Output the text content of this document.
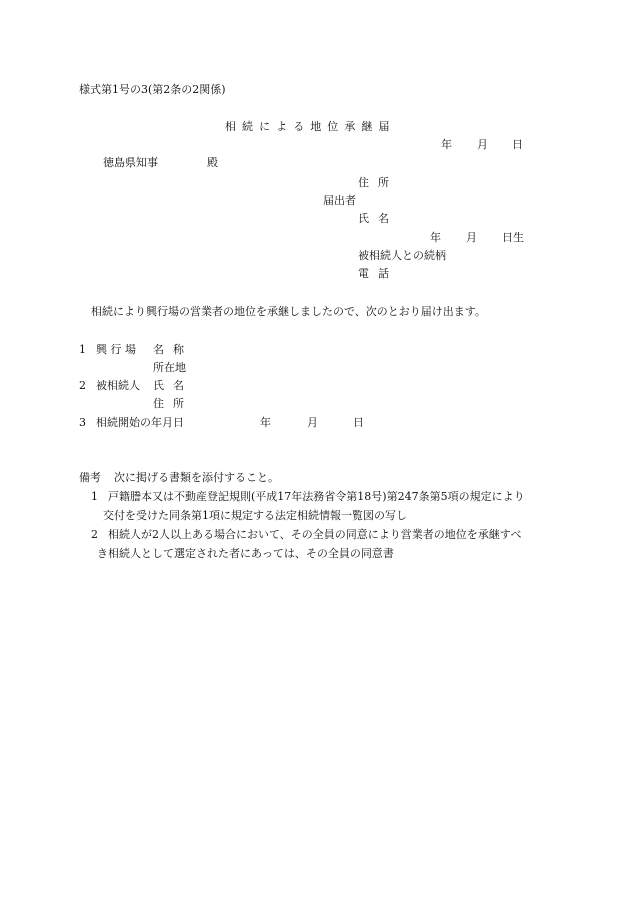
様式第1号の3(第2条の2関係)
相続による地位承継届
年 月 日
徳島県知事	殿
住 所
届出者
氏 名
年 月 日生
被相続人との続柄
電 話
相続により興行場の営業者の地位を承継しましたので、次のとおり届け出ます。
1 興 行 場 名 称
所在地
2 被相続人 氏 名
住 所
3 相続開始の年月日	年	月	日
備考 次に掲げる書類を添付すること。
1 戸籍謄本又は不動産登記規則(平成17年法務省令第18号)第247条第5項の規定により
交付を受けた同条第1項に規定する法定相続情報一覧図の写し
2 相続人が2人以上ある場合において、その全員の同意により営業者の地位を承継すべ
き相続人として選定された者にあっては、その全員の同意書
